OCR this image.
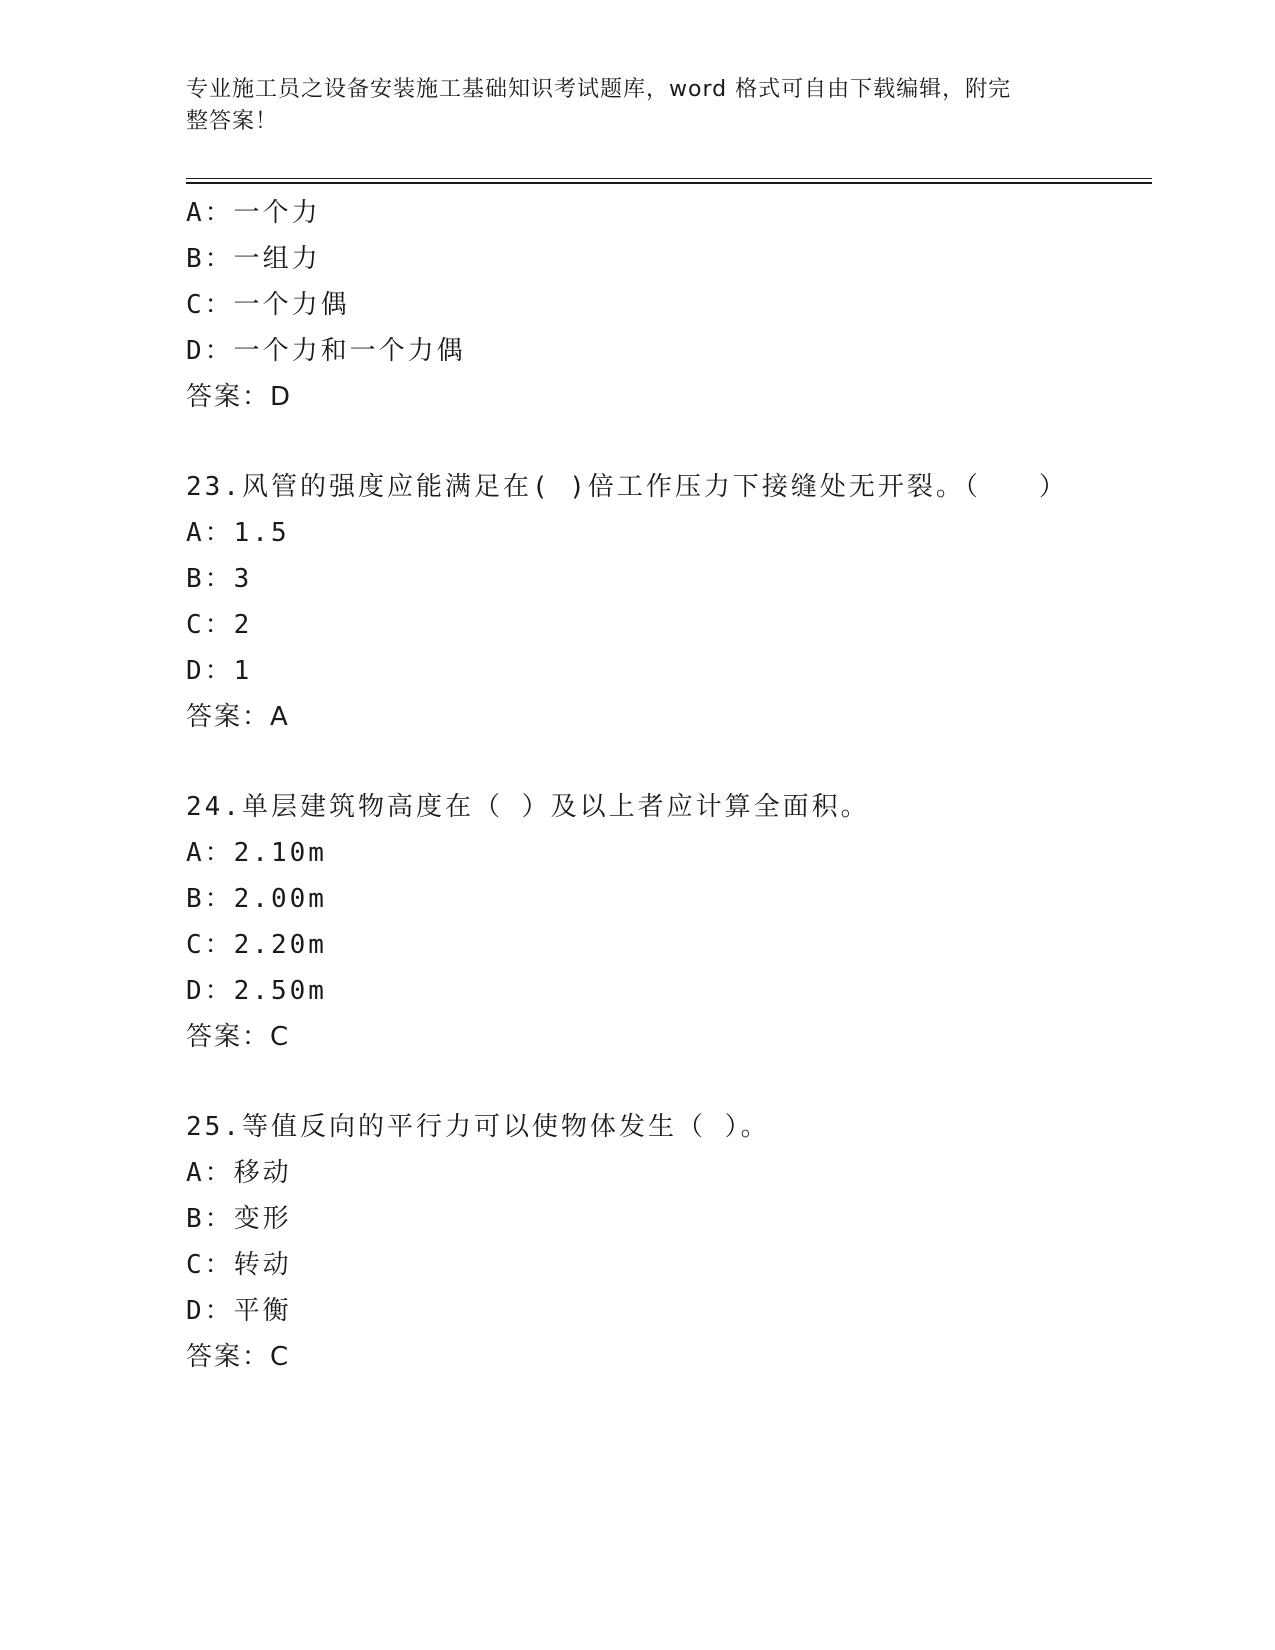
专业施工员之设备安装施工基础知识考试题库，word 格式可自由下载编辑，附完
整答案！
A：一个力
B：一组力
C：一个力偶
D：一个力和一个力偶
答案：D
23.风管的强度应能满足在( )倍工作压力下接缝处无开裂。（　　）
A：1.5
B：3
C：2
D：1
答案：A
24.单层建筑物高度在（ ）及以上者应计算全面积。
A：2.10m
B：2.00m
C：2.20m
D：2.50m
答案：C
25.等值反向的平行力可以使物体发生（ ）。
A：移动
B：变形
C：转动
D：平衡
答案：C
